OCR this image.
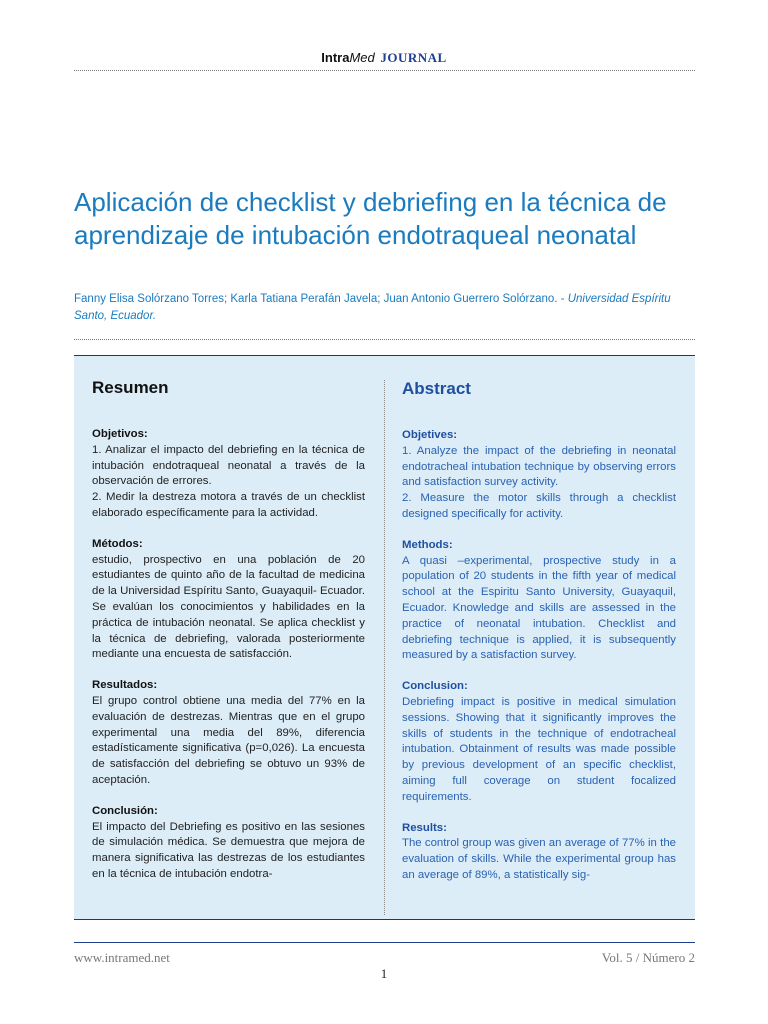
IntraMed JOURNAL
Aplicación de checklist y debriefing en la técnica de aprendizaje de intubación endotraqueal neonatal
Fanny Elisa Solórzano Torres; Karla Tatiana Perafán Javela; Juan Antonio Guerrero Solórzano. - Universidad Espíritu Santo, Ecuador.
Resumen
Objetivos:

1. Analizar el impacto del debriefing en la técnica de intubación endotraqueal neonatal a través de la observación de errores.

2. Medir la destreza motora a través de un checklist elaborado específicamente para la actividad.

Métodos:

estudio, prospectivo en una población de 20 estudiantes de quinto año de la facultad de medicina de la Universidad Espíritu Santo, Guayaquil- Ecuador. Se evalúan los conocimientos y habilidades en la práctica de intubación neonatal. Se aplica checklist y la técnica de debriefing, valorada posteriormente mediante una encuesta de satisfacción.

Resultados:

El grupo control obtiene una media del 77% en la evaluación de destrezas. Mientras que en el grupo experimental una media del 89%, diferencia estadísticamente significativa (p=0,026). La encuesta de satisfacción del debriefing se obtuvo un 93% de aceptación.

Conclusión:

El impacto del Debriefing es positivo en las sesiones de simulación médica. Se demuestra que mejora de manera significativa las destrezas de los estudiantes en la técnica de intubación endotra-

Abstract
Objetives:

1. Analyze the impact of the debriefing in neonatal endotracheal intubation technique by observing errors and satisfaction survey activity.

2. Measure the motor skills through a checklist designed specifically for activity.

Methods:

A quasi –experimental, prospective study in a population of 20 students in the fifth year of medical school at the Espiritu Santo University, Guayaquil, Ecuador. Knowledge and skills are assessed in the practice of neonatal intubation. Checklist and debriefing technique is applied, it is subsequently measured by a satisfaction survey.

Conclusion:

Debriefing impact is positive in medical simulation sessions. Showing that it significantly improves the skills of students in the technique of endotracheal intubation. Obtainment of results was made possible by previous development of an specific checklist, aiming full coverage on student focalized requirements.

Results:

The control group was given an average of 77% in the evaluation of skills. While the experimental group has an average of 89%, a statistically sig-

www.intramed.net	Vol. 5 / Número 2
1
